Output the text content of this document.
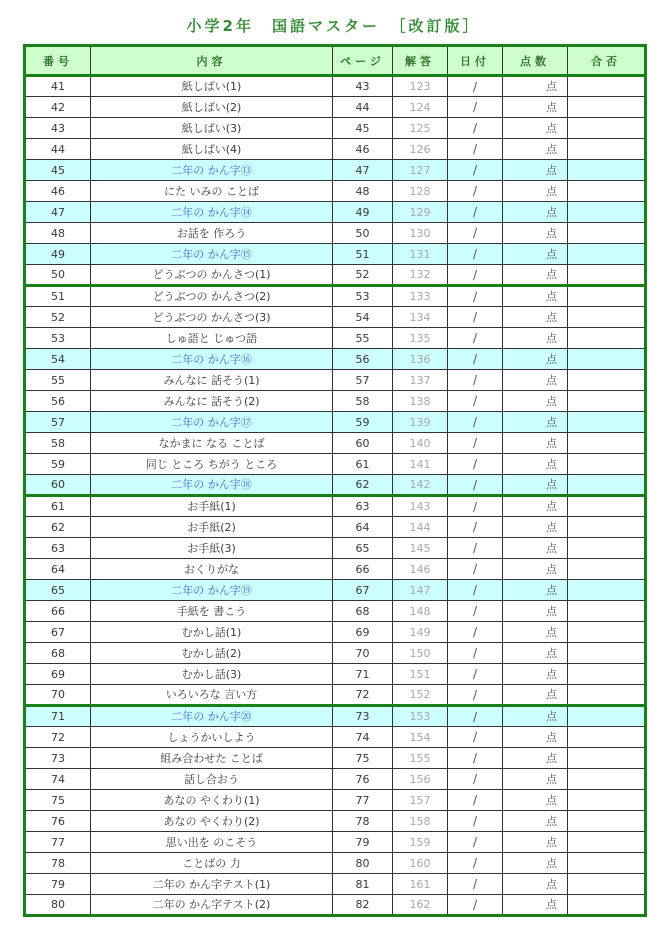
小学2年　国語マスター　［改訂版］
番号	内容	ページ	解答	日付	点数	合否
41	紙しばい(1)	43	123	/	点	
42	紙しばい(2)	44	124	/	点	
43	紙しばい(3)	45	125	/	点	
44	紙しばい(4)	46	126	/	点	
45	二年の かん字⑬	47	127	/	点	
46	にた いみの ことば	48	128	/	点	
47	二年の かん字⑭	49	129	/	点	
48	お話を 作ろう	50	130	/	点	
49	二年の かん字⑮	51	131	/	点	
50	どうぶつの かんさつ(1)	52	132	/	点	
51	どうぶつの かんさつ(2)	53	133	/	点	
52	どうぶつの かんさつ(3)	54	134	/	点	
53	しゅ語と じゅつ語	55	135	/	点	
54	二年の かん字⑯	56	136	/	点	
55	みんなに 話そう(1)	57	137	/	点	
56	みんなに 話そう(2)	58	138	/	点	
57	二年の かん字⑰	59	139	/	点	
58	なかまに なる ことば	60	140	/	点	
59	同じ ところ ちがう ところ	61	141	/	点	
60	二年の かん字⑱	62	142	/	点	
61	お手紙(1)	63	143	/	点	
62	お手紙(2)	64	144	/	点	
63	お手紙(3)	65	145	/	点	
64	おくりがな	66	146	/	点	
65	二年の かん字⑲	67	147	/	点	
66	手紙を 書こう	68	148	/	点	
67	むかし話(1)	69	149	/	点	
68	むかし話(2)	70	150	/	点	
69	むかし話(3)	71	151	/	点	
70	いろいろな 言い方	72	152	/	点	
71	二年の かん字⑳	73	153	/	点	
72	しょうかいしよう	74	154	/	点	
73	組み合わせた ことば	75	155	/	点	
74	話し合おう	76	156	/	点	
75	あなの やくわり(1)	77	157	/	点	
76	あなの やくわり(2)	78	158	/	点	
77	思い出を のこそう	79	159	/	点	
78	ことばの 力	80	160	/	点	
79	二年の かん字テスト(1)	81	161	/	点	
80	二年の かん字テスト(2)	82	162	/	点	
